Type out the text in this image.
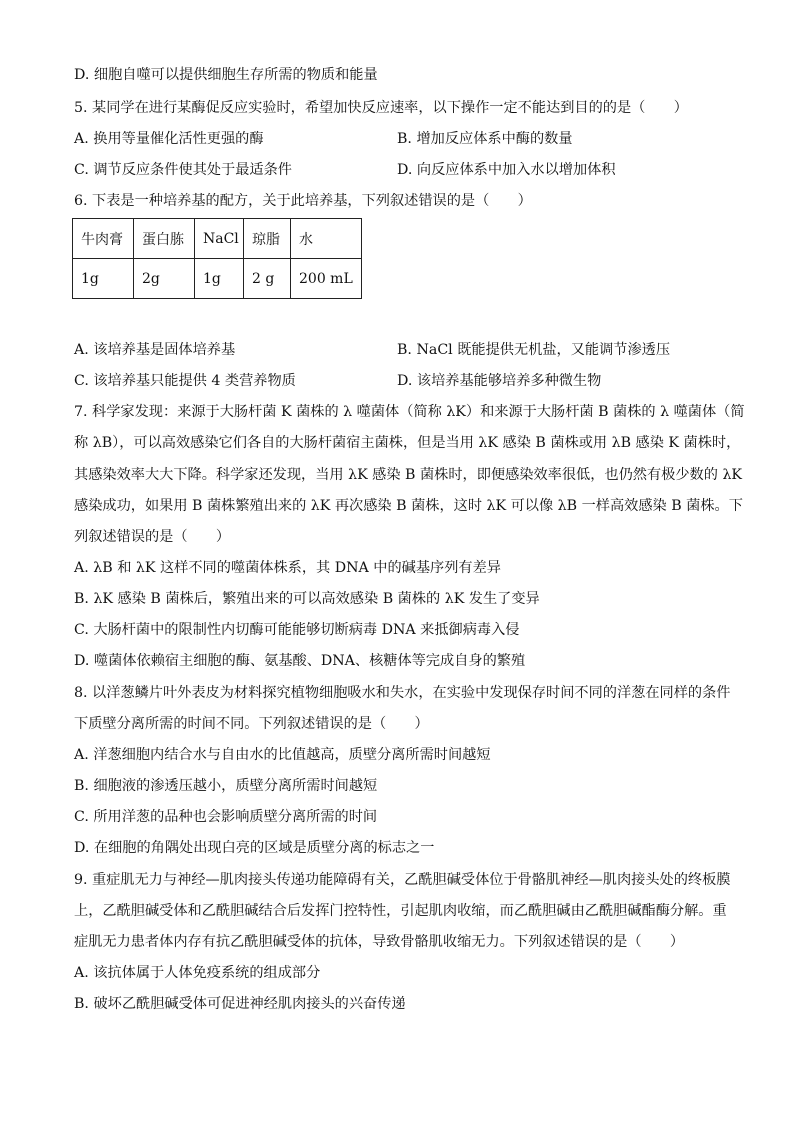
D. 细胞自噬可以提供细胞生存所需的物质和能量
5. 某同学在进行某酶促反应实验时，希望加快反应速率，以下操作一定不能达到目的的是（　　）
A. 换用等量催化活性更强的酶	B. 增加反应体系中酶的数量
C. 调节反应条件使其处于最适条件	D. 向反应体系中加入水以增加体积
6. 下表是一种培养基的配方，关于此培养基，下列叙述错误的是（　　）
牛肉膏	蛋白胨	NaCl	琼脂	水
1g	2g	1g	2 g	200 mL
A. 该培养基是固体培养基	B. NaCl 既能提供无机盐，又能调节渗透压
C. 该培养基只能提供 4 类营养物质	D. 该培养基能够培养多种微生物
7. 科学家发现：来源于大肠杆菌 K 菌株的 λ 噬菌体（简称 λK）和来源于大肠杆菌 B 菌株的 λ 噬菌体（简
称 λB），可以高效感染它们各自的大肠杆菌宿主菌株，但是当用 λK 感染 B 菌株或用 λB 感染 K 菌株时，
其感染效率大大下降。科学家还发现，当用 λK 感染 B 菌株时，即便感染效率很低，也仍然有极少数的 λK
感染成功，如果用 B 菌株繁殖出来的 λK 再次感染 B 菌株，这时 λK 可以像 λB 一样高效感染 B 菌株。下
列叙述错误的是（　　）
A. λB 和 λK 这样不同的噬菌体株系，其 DNA 中的碱基序列有差异
B. λK 感染 B 菌株后，繁殖出来的可以高效感染 B 菌株的 λK 发生了变异
C. 大肠杆菌中的限制性内切酶可能能够切断病毒 DNA 来抵御病毒入侵
D. 噬菌体依赖宿主细胞的酶、氨基酸、DNA、核糖体等完成自身的繁殖
8. 以洋葱鳞片叶外表皮为材料探究植物细胞吸水和失水，在实验中发现保存时间不同的洋葱在同样的条件
下质壁分离所需的时间不同。下列叙述错误的是（　　）
A. 洋葱细胞内结合水与自由水的比值越高，质壁分离所需时间越短
B. 细胞液的渗透压越小，质壁分离所需时间越短
C. 所用洋葱的品种也会影响质壁分离所需的时间
D. 在细胞的角隅处出现白亮的区域是质壁分离的标志之一
9. 重症肌无力与神经—肌肉接头传递功能障碍有关，乙酰胆碱受体位于骨骼肌神经—肌肉接头处的终板膜
上，乙酰胆碱受体和乙酰胆碱结合后发挥门控特性，引起肌肉收缩，而乙酰胆碱由乙酰胆碱酯酶分解。重
症肌无力患者体内存有抗乙酰胆碱受体的抗体，导致骨骼肌收缩无力。下列叙述错误的是（　　）
A. 该抗体属于人体免疫系统的组成部分
B. 破坏乙酰胆碱受体可促进神经肌肉接头的兴奋传递
